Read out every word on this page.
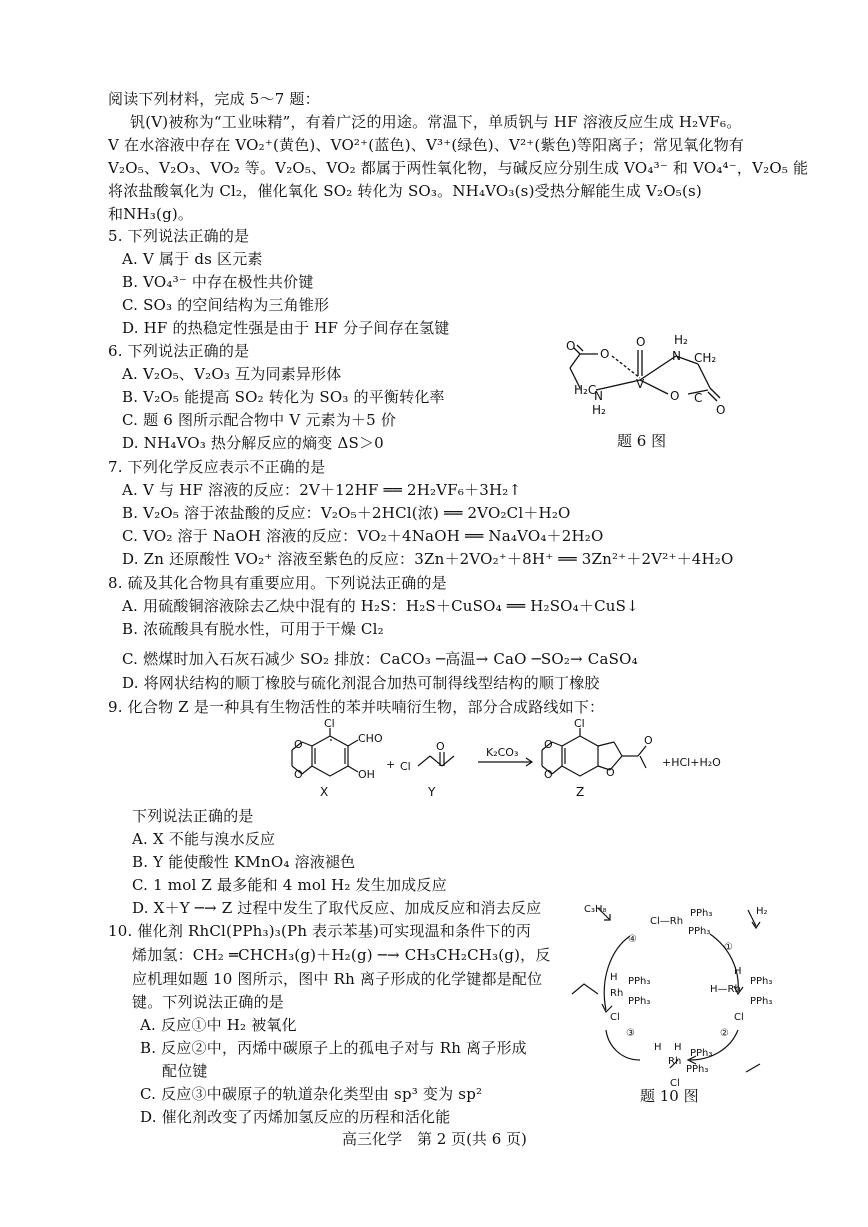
阅读下列材料，完成 5～7 题：
钒(V)被称为“工业味精”，有着广泛的用途。常温下，单质钒与 HF 溶液反应生成 H₂VF₆。
V 在水溶液中存在 VO₂⁺(黄色)、VO²⁺(蓝色)、V³⁺(绿色)、V²⁺(紫色)等阳离子；常见氧化物有
V₂O₅、V₂O₃、VO₂ 等。V₂O₅、VO₂ 都属于两性氧化物，与碱反应分别生成 VO₄³⁻ 和 VO₄⁴⁻，V₂O₅ 能
将浓盐酸氧化为 Cl₂，催化氧化 SO₂ 转化为 SO₃。NH₄VO₃(s)受热分解能生成 V₂O₅(s)
和NH₃(g)。
5. 下列说法正确的是
A. V 属于 ds 区元素
B. VO₄³⁻ 中存在极性共价键
C. SO₃ 的空间结构为三角锥形
D. HF 的热稳定性强是由于 HF 分子间存在氢键
6. 下列说法正确的是
A. V₂O₅、V₂O₃ 互为同素异形体
B. V₂O₅ 能提高 SO₂ 转化为 SO₃ 的平衡转化率
C. 题 6 图所示配合物中 V 元素为＋5 价
D. NH₄VO₃ 热分解反应的熵变 ΔS＞0
O
O
O
H₂C
N
H₂
V
H₂
N CH₂
O C
O
题 6 图
7. 下列化学反应表示不正确的是
A. V 与 HF 溶液的反应：2V＋12HF ══ 2H₂VF₆＋3H₂↑
B. V₂O₅ 溶于浓盐酸的反应：V₂O₅＋2HCl(浓) ══ 2VO₂Cl＋H₂O
C. VO₂ 溶于 NaOH 溶液的反应：VO₂＋4NaOH ══ Na₄VO₄＋2H₂O
D. Zn 还原酸性 VO₂⁺ 溶液至紫色的反应：3Zn＋2VO₂⁺＋8H⁺ ══ 3Zn²⁺＋2V²⁺＋4H₂O
8. 硫及其化合物具有重要应用。下列说法正确的是
A. 用硫酸铜溶液除去乙炔中混有的 H₂S：H₂S＋CuSO₄ ══ H₂SO₄＋CuS↓
B. 浓硫酸具有脱水性，可用于干燥 Cl₂
C. 燃煤时加入石灰石减少 SO₂ 排放：CaCO₃ ─高温→ CaO ─SO₂→ CaSO₄
D. 将网状结构的顺丁橡胶与硫化剂混合加热可制得线型结构的顺丁橡胶
9. 化合物 Z 是一种具有生物活性的苯并呋喃衍生物，部分合成路线如下：
Cl
CHO
OH
O
O
+ Cl
O
Cl
O
O
O
O
K₂CO₃
+HCl+H₂O
X	Y	Z
下列说法正确的是
A. X 不能与溴水反应
B. Y 能使酸性 KMnO₄ 溶液褪色
C. 1 mol Z 最多能和 4 mol H₂ 发生加成反应
D. X＋Y ─→ Z 过程中发生了取代反应、加成反应和消去反应
10. 催化剂 RhCl(PPh₃)₃(Ph 表示苯基)可实现温和条件下的丙
烯加氢：CH₂ ═CHCH₃(g)＋H₂(g) ─→ CH₃CH₂CH₃(g)，反
应机理如题 10 图所示，图中 Rh 离子形成的化学键都是配位
键。下列说法正确的是
A. 反应①中 H₂ 被氧化
B. 反应②中，丙烯中碳原子上的孤电子对与 Rh 离子形成
配位键
C. 反应③中碳原子的轨道杂化类型由 sp³ 变为 sp²
D. 催化剂改变了丙烯加氢反应的历程和活化能
C₃H₈
Cl—Rh
PPh₃
PPh₃
H₂
④
①
H
Rh
PPh₃
PPh₃
Cl
H
H—Rh
PPh₃
PPh₃
Cl
③	②
H H
Rh
PPh₃
PPh₃
Cl
题 10 图
高三化学　第 2 页(共 6 页)
